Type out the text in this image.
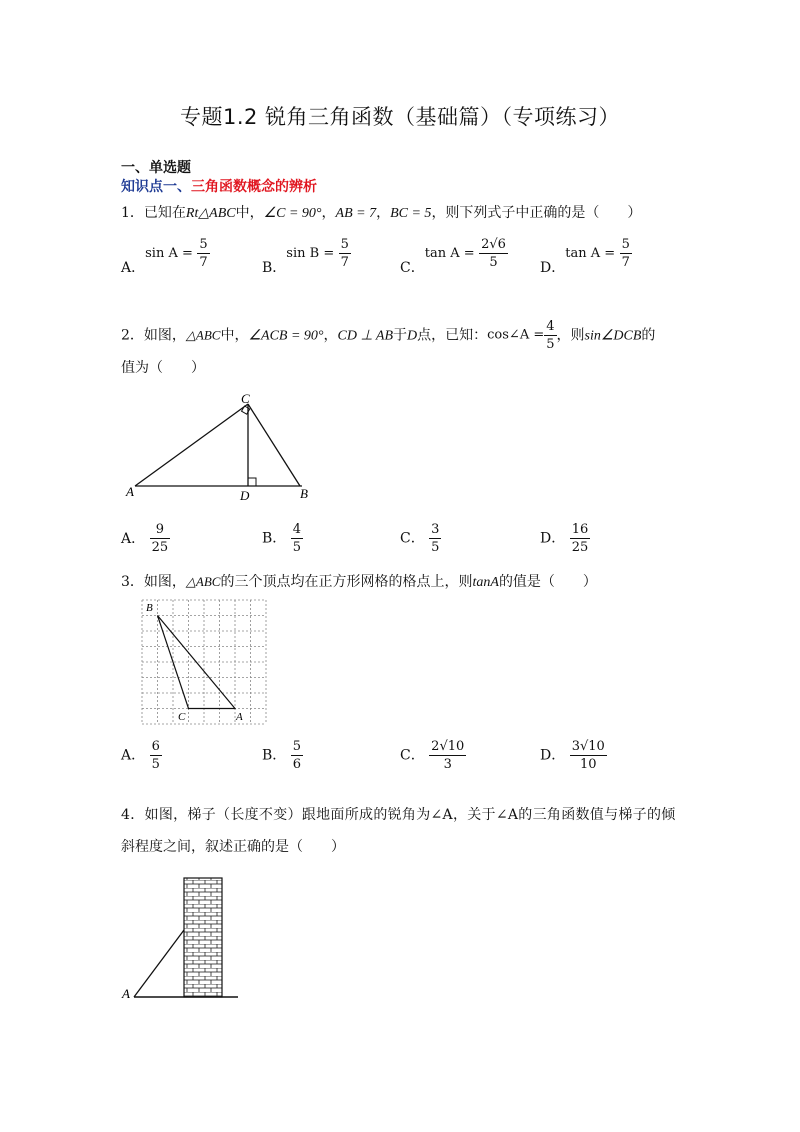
专题1.2 锐角三角函数（基础篇）（专项练习）
一、单选题
知识点一、三角函数概念的辨析
1．已知在Rt△ABC中，∠C = 90°，AB = 7，BC = 5，则下列式子中正确的是（　　）
A．$\sin A = \frac{5}{7}$	B．$\sin B = \frac{5}{7}$	C．$\tan A = \frac{2√6}{5}$ D．$\tan A = \frac{5}{7}$
2．如图，△ABC中，∠ACB = 90°，CD ⊥ AB于D点，已知：cos∠A = $\frac{4}{5}$ ，则sin∠DCB的
值为（　　）
A	B
C
D
A． $\frac{9}{25}$	B． $\frac{4}{5}$	C． $\frac{3}{5}$	D． $\frac{16}{25}$
3．如图，△ABC的三个顶点均在正方形网格的格点上，则tanA的值是（　　）
B
C	A
A． $\frac{6}{5}$	B． $\frac{5}{6}$	C． $\frac{2√10}{3}$	D． $\frac{3√10}{10}$
4．如图，梯子（长度不变）跟地面所成的锐角为∠A，关于∠A的三角函数值与梯子的倾
斜程度之间，叙述正确的是（　　）
A
